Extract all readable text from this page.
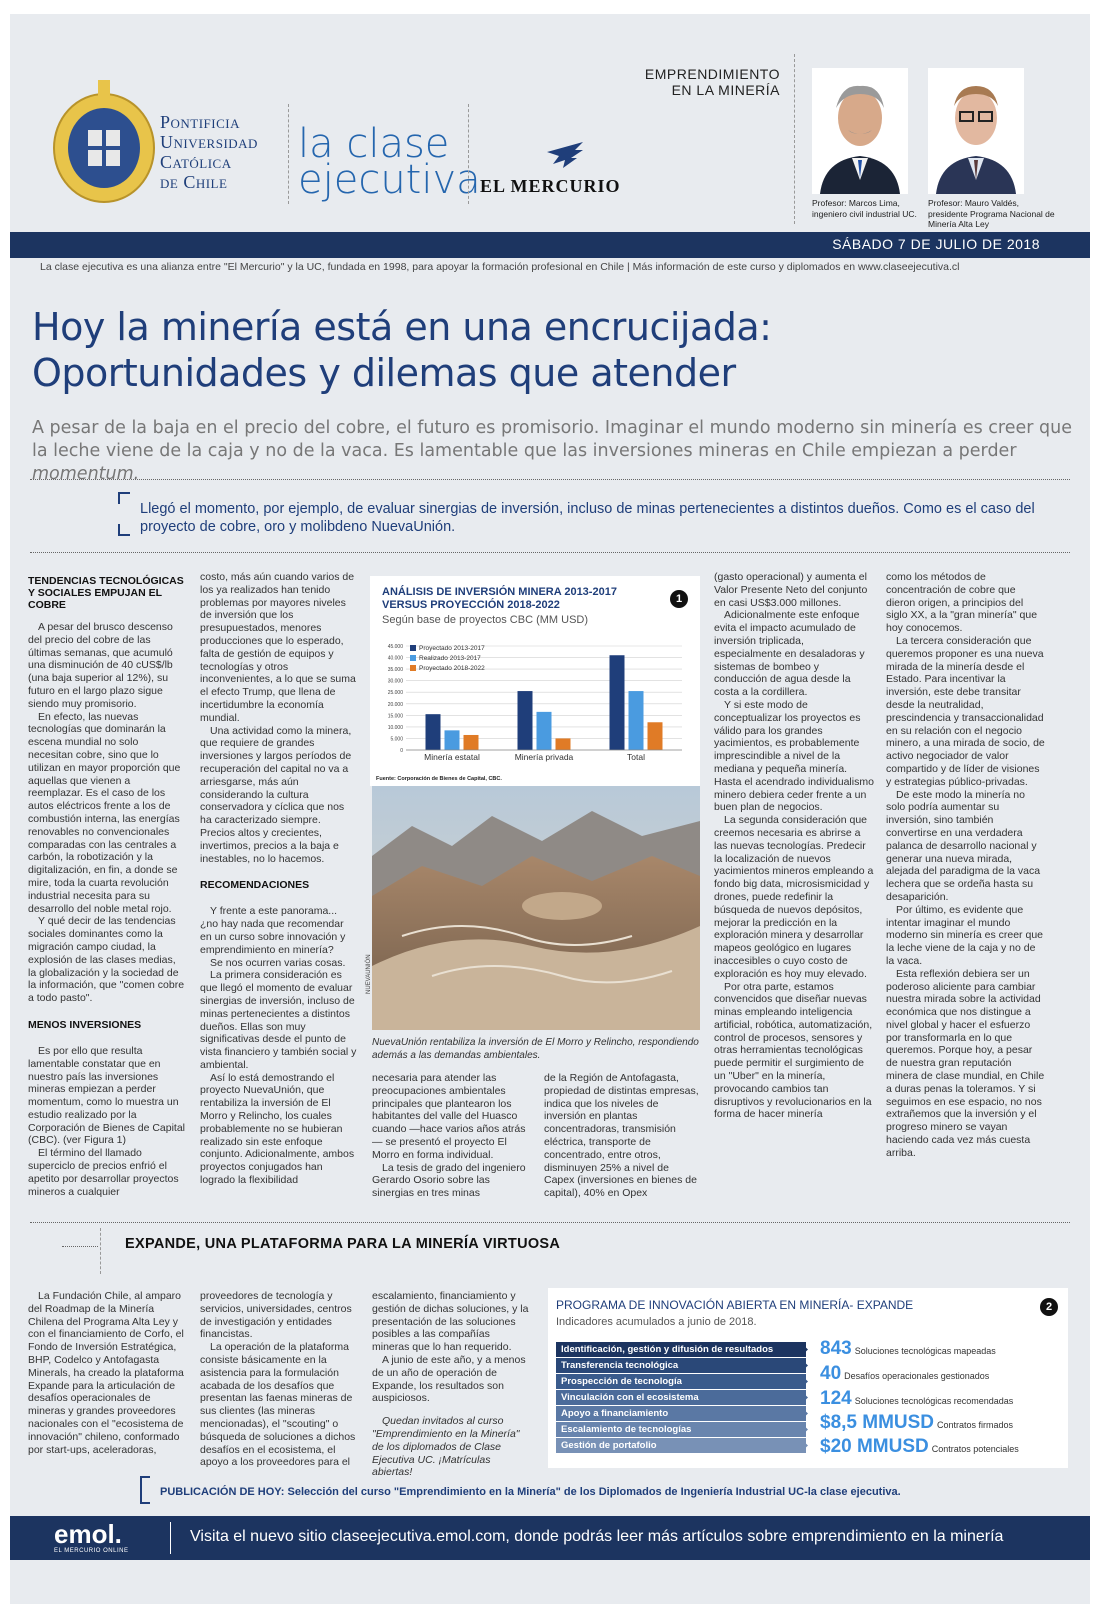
Pontificia
Universidad
Católica
de Chile
la clase
ejecutiva EL MERCURIO
EMPRENDIMIENTO
EN LA MINERÍA
Profesor: Marcos Lima, ingeniero civil industrial UC.
Profesor: Mauro Valdés, presidente Programa Nacional de Minería Alta Ley
SÁBADO 7 DE JULIO DE 2018
La clase ejecutiva es una alianza entre "El Mercurio" y la UC, fundada en 1998, para apoyar la formación profesional en Chile | Más información de este curso y diplomados en www.claseejecutiva.cl
Hoy la minería está en una encrucijada:
Oportunidades y dilemas que atender
A pesar de la baja en el precio del cobre, el futuro es promisorio. Imaginar el mundo moderno sin minería es creer que la leche viene de la caja y no de la vaca. Es lamentable que las inversiones mineras en Chile empiezan a perder momentum.
Llegó el momento, por ejemplo, de evaluar sinergias de inversión, incluso de minas pertenecientes a distintos dueños. Como es el caso del proyecto de cobre, oro y molibdeno NuevaUnión.
TENDENCIAS TECNOLÓGICAS Y SOCIALES EMPUJAN EL COBRE

A pesar del brusco descenso del precio del cobre de las últimas semanas, que acumuló una disminución de 40 cUS$/lb (una baja superior al 12%), su futuro en el largo plazo sigue siendo muy promisorio.

En efecto, las nuevas tecnologías que dominarán la escena mundial no solo necesitan cobre, sino que lo utilizan en mayor proporción que aquellas que vienen a reemplazar. Es el caso de los autos eléctricos frente a los de combustión interna, las energías renovables no convencionales comparadas con las centrales a carbón, la robotización y la digitalización, en fin, a donde se mire, toda la cuarta revolución industrial necesita para su desarrollo del noble metal rojo.

Y qué decir de las tendencias sociales dominantes como la migración campo ciudad, la explosión de las clases medias, la globalización y la sociedad de la información, que "comen cobre a todo pasto".

MENOS INVERSIONES

Es por ello que resulta lamentable constatar que en nuestro país las inversiones mineras empiezan a perder momentum, como lo muestra un estudio realizado por la Corporación de Bienes de Capital (CBC). (ver Figura 1)

El término del llamado superciclo de precios enfrió el apetito por desarrollar proyectos mineros a cualquier

costo, más aún cuando varios de los ya realizados han tenido problemas por mayores niveles de inversión que los presupuestados, menores producciones que lo esperado, falta de gestión de equipos y tecnologías y otros inconvenientes, a lo que se suma el efecto Trump, que llena de incertidumbre la economía mundial.

Una actividad como la minera, que requiere de grandes inversiones y largos períodos de recuperación del capital no va a arriesgarse, más aún considerando la cultura conservadora y cíclica que nos ha caracterizado siempre. Precios altos y crecientes, invertimos, precios a la baja e inestables, no lo hacemos.

RECOMENDACIONES

Y frente a este panorama... ¿no hay nada que recomendar en un curso sobre innovación y emprendimiento en minería?

Se nos ocurren varias cosas.

La primera consideración es que llegó el momento de evaluar sinergias de inversión, incluso de minas pertenecientes a distintos dueños. Ellas son muy significativas desde el punto de vista financiero y también social y ambiental.

Así lo está demostrando el proyecto NuevaUnión, que rentabiliza la inversión de El Morro y Relincho, los cuales probablemente no se hubieran realizado sin este enfoque conjunto. Adicionalmente, ambos proyectos conjugados han logrado la flexibilidad

ANÁLISIS DE INVERSIÓN MINERA 2013-2017 VERSUS PROYECCIÓN 2018-2022	1
Según base de proyectos CBC (MM USD)
0
5.000
10.000
15.000
20.000
25.000
30.000
35.000
40.000
45.000
Minería estatal	Minería privada	Total
Proyectado 2013-2017
Realizado 2013-2017
Proyectado 2018-2022
Fuente: Corporación de Bienes de Capital, CBC.
NUEVAUNIÓN
NuevaUnión rentabiliza la inversión de El Morro y Relincho, respondiendo además a las demandas ambientales.

necesaria para atender las preocupaciones ambientales principales que plantearon los habitantes del valle del Huasco cuando —hace varios años atrás— se presentó el proyecto El Morro en forma individual.

La tesis de grado del ingeniero Gerardo Osorio sobre las sinergias en tres minas

de la Región de Antofagasta, propiedad de distintas empresas, indica que los niveles de inversión en plantas concentradoras, transmisión eléctrica, transporte de concentrado, entre otros, disminuyen 25% a nivel de Capex (inversiones en bienes de capital), 40% en Opex

(gasto operacional) y aumenta el Valor Presente Neto del conjunto en casi US$3.000 millones.

Adicionalmente este enfoque evita el impacto acumulado de inversión triplicada, especialmente en desaladoras y sistemas de bombeo y conducción de agua desde la costa a la cordillera.

Y si este modo de conceptualizar los proyectos es válido para los grandes yacimientos, es probablemente imprescindible a nivel de la mediana y pequeña minería. Hasta el acendrado individualismo minero debiera ceder frente a un buen plan de negocios.

La segunda consideración que creemos necesaria es abrirse a las nuevas tecnologías. Predecir la localización de nuevos yacimientos mineros empleando a fondo big data, microsismicidad y drones, puede redefinir la búsqueda de nuevos depósitos, mejorar la predicción en la exploración minera y desarrollar mapeos geológico en lugares inaccesibles o cuyo costo de exploración es hoy muy elevado.

Por otra parte, estamos convencidos que diseñar nuevas minas empleando inteligencia artificial, robótica, automatización, control de procesos, sensores y otras herramientas tecnológicas puede permitir el surgimiento de un "Uber" en la minería, provocando cambios tan disruptivos y revolucionarios en la forma de hacer minería

como los métodos de concentración de cobre que dieron origen, a principios del siglo XX, a la "gran minería" que hoy conocemos.

La tercera consideración que queremos proponer es una nueva mirada de la minería desde el Estado. Para incentivar la inversión, este debe transitar desde la neutralidad, prescindencia y transaccionalidad en su relación con el negocio minero, a una mirada de socio, de activo negociador de valor compartido y de líder de visiones y estrategias público-privadas.

De este modo la minería no solo podría aumentar su inversión, sino también convertirse en una verdadera palanca de desarrollo nacional y generar una nueva mirada, alejada del paradigma de la vaca lechera que se ordeña hasta su desaparición.

Por último, es evidente que intentar imaginar el mundo moderno sin minería es creer que la leche viene de la caja y no de la vaca.

Esta reflexión debiera ser un poderoso aliciente para cambiar nuestra mirada sobre la actividad económica que nos distingue a nivel global y hacer el esfuerzo por transformarla en lo que queremos. Porque hoy, a pesar de nuestra gran reputación minera de clase mundial, en Chile a duras penas la toleramos. Y si seguimos en ese espacio, no nos extrañemos que la inversión y el progreso minero se vayan haciendo cada vez más cuesta arriba.

EXPANDE, UNA PLATAFORMA PARA LA MINERÍA VIRTUOSA

La Fundación Chile, al amparo del Roadmap de la Minería Chilena del Programa Alta Ley y con el financiamiento de Corfo, el Fondo de Inversión Estratégica, BHP, Codelco y Antofagasta Minerals, ha creado la plataforma Expande para la articulación de desafíos operacionales de mineras y grandes proveedores nacionales con el "ecosistema de innovación" chileno, conformado por start-ups, aceleradoras,

proveedores de tecnología y servicios, universidades, centros de investigación y entidades financistas.

La operación de la plataforma consiste básicamente en la asistencia para la formulación acabada de los desafíos que presentan las faenas mineras de sus clientes (las mineras mencionadas), el "scouting" o búsqueda de soluciones a dichos desafíos en el ecosistema, el apoyo a los proveedores para el

escalamiento, financiamiento y gestión de dichas soluciones, y la presentación de las soluciones posibles a las compañías mineras que lo han requerido.

A junio de este año, y a menos de un año de operación de Expande, los resultados son auspiciosos.

Quedan invitados al curso "Emprendimiento en la Minería" de los diplomados de Clase Ejecutiva UC. ¡Matrículas abiertas!

PROGRAMA DE INNOVACIÓN ABIERTA EN MINERÍA- EXPANDE	2
Indicadores acumulados a junio de 2018.
Identificación, gestión y difusión de resultados
Transferencia tecnológica
Prospección de tecnología
Vinculación con el ecosistema
Apoyo a financiamiento
Escalamiento de tecnologías
Gestión de portafolio
843 Soluciones tecnológicas mapeadas
40 Desafíos operacionales gestionados
124 Soluciones tecnológicas recomendadas
$8,5 MMUSD Contratos firmados
$20 MMUSD Contratos potenciales
PUBLICACIÓN DE HOY: Selección del curso "Emprendimiento en la Minería" de los Diplomados de Ingeniería Industrial UC-la clase ejecutiva.
emol.
EL MERCURIO ONLINE
Visita el nuevo sitio claseejecutiva.emol.com, donde podrás leer más artículos sobre emprendimiento en la minería
